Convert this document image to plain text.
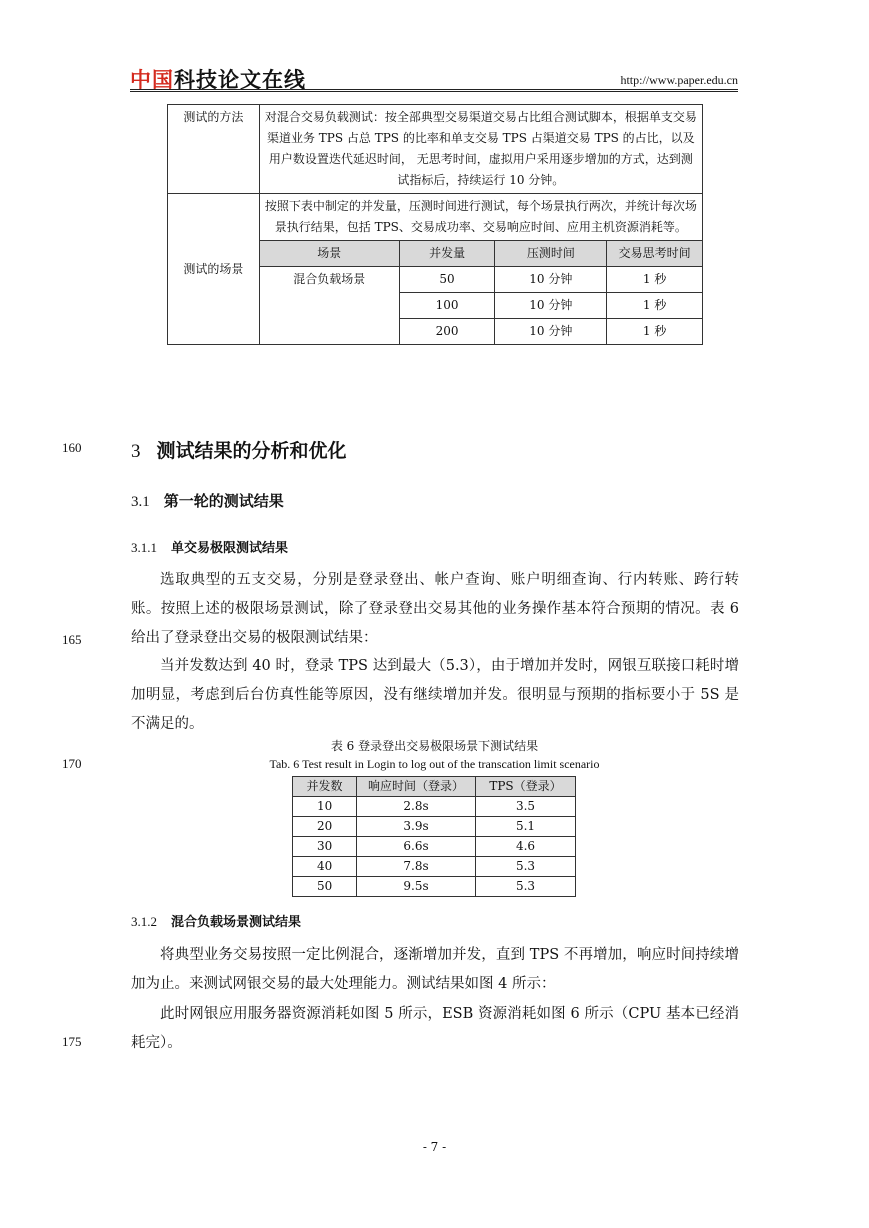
中国科技论文在线	http://www.paper.edu.cn
测试的方法	对混合交易负载测试：按全部典型交易渠道交易占比组合测试脚本，根据单支交易渠道业务 TPS 占总 TPS 的比率和单支交易 TPS 占渠道交易 TPS 的占比，以及用户数设置迭代延迟时间， 无思考时间，虚拟用户采用逐步增加的方式，达到测试指标后，持续运行 10 分钟。			
测试的场景	按照下表中制定的并发量，压测时间进行测试，每个场景执行两次，并统计每次场景执行结果，包括 TPS、交易成功率、交易响应时间、应用主机资源消耗等。			
	场景	并发量	压测时间	交易思考时间
	混合负载场景	50	10 分钟	1 秒
		100	10 分钟	1 秒
		200	10 分钟	1 秒
160
165
170
175
3 测试结果的分析和优化
3.1 第一轮的测试结果
3.1.1 单交易极限测试结果
选取典型的五支交易，分别是登录登出、帐户查询、账户明细查询、行内转账、跨行转账。按照上述的极限场景测试，除了登录登出交易其他的业务操作基本符合预期的情况。表 6 给出了登录登出交易的极限测试结果：
当并发数达到 40 时，登录 TPS 达到最大（5.3），由于增加并发时，网银互联接口耗时增加明显，考虑到后台仿真性能等原因，没有继续增加并发。很明显与预期的指标要小于 5S 是不满足的。
表 6 登录登出交易极限场景下测试结果
Tab. 6 Test result in Login to log out of the transcation limit scenario
并发数	响应时间（登录）	TPS（登录）
10	2.8s	3.5
20	3.9s	5.1
30	6.6s	4.6
40	7.8s	5.3
50	9.5s	5.3
3.1.2 混合负载场景测试结果
将典型业务交易按照一定比例混合，逐渐增加并发，直到 TPS 不再增加，响应时间持续增加为止。来测试网银交易的最大处理能力。测试结果如图 4 所示：
此时网银应用服务器资源消耗如图 5 所示，ESB 资源消耗如图 6 所示（CPU 基本已经消耗完）。
- 7 -
